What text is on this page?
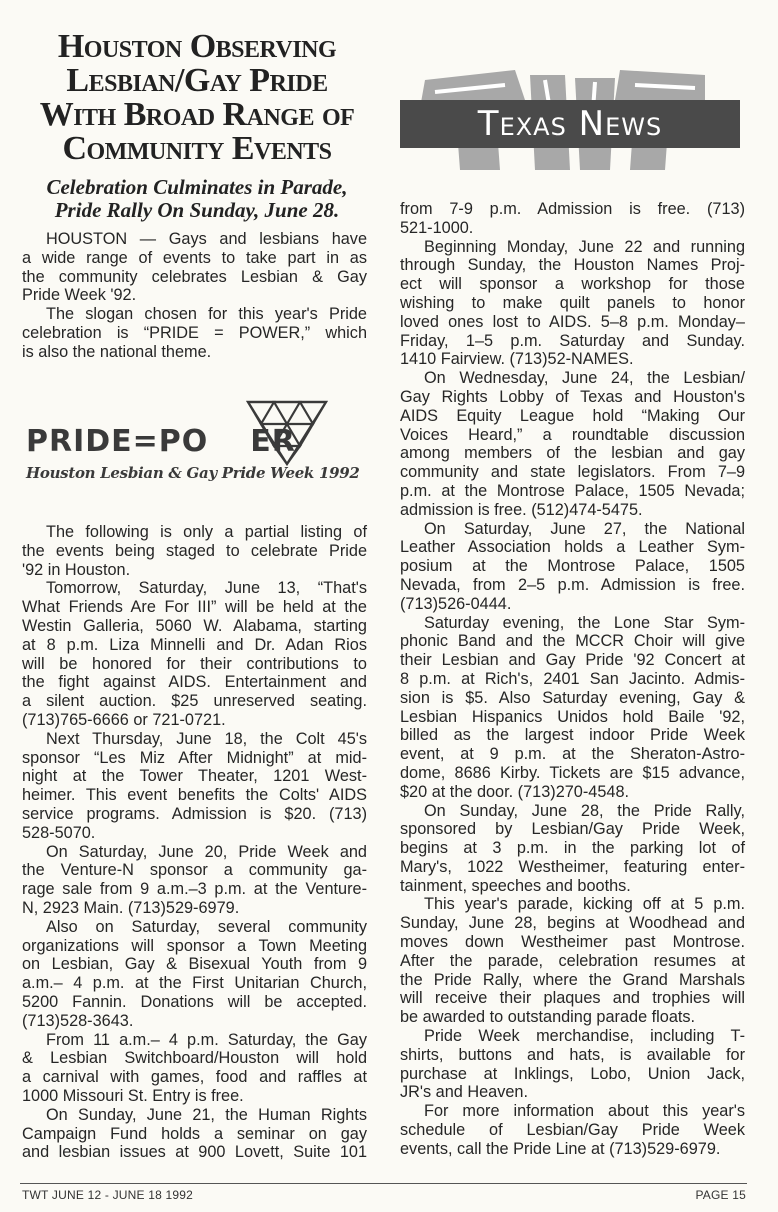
Houston Observing
Lesbian/Gay Pride
With Broad Range of
Community Events
Celebration Culminates in Parade,
Pride Rally On Sunday, June 28.
HOUSTON — Gays and lesbians have
a wide range of events to take part in as
the community celebrates Lesbian & Gay
Pride Week '92.
The slogan chosen for this year's Pride
celebration is “PRIDE = POWER,” which
is also the national theme.
PRIDE=PO ER
Houston Lesbian & Gay Pride Week 1992
The following is only a partial listing of
the events being staged to celebrate Pride
'92 in Houston.
Tomorrow, Saturday, June 13, “That's
What Friends Are For III” will be held at the
Westin Galleria, 5060 W. Alabama, starting
at 8 p.m. Liza Minnelli and Dr. Adan Rios
will be honored for their contributions to
the fight against AIDS. Entertainment and
a silent auction. $25 unreserved seating.
(713)765-6666 or 721-0721.
Next Thursday, June 18, the Colt 45's
sponsor “Les Miz After Midnight” at mid-
night at the Tower Theater, 1201 West-
heimer. This event benefits the Colts' AIDS
service programs. Admission is $20. (713)
528-5070.
On Saturday, June 20, Pride Week and
the Venture-N sponsor a community ga-
rage sale from 9 a.m.–3 p.m. at the Venture-
N, 2923 Main. (713)529-6979.
Also on Saturday, several community
organizations will sponsor a Town Meeting
on Lesbian, Gay & Bisexual Youth from 9
a.m.– 4 p.m. at the First Unitarian Church,
5200 Fannin. Donations will be accepted.
(713)528-3643.
From 11 a.m.– 4 p.m. Saturday, the Gay
& Lesbian Switchboard/Houston will hold
a carnival with games, food and raffles at
1000 Missouri St. Entry is free.
On Sunday, June 21, the Human Rights
Campaign Fund holds a seminar on gay
and lesbian issues at 900 Lovett, Suite 101
Texas News
from 7-9 p.m. Admission is free. (713)
521-1000.
Beginning Monday, June 22 and running
through Sunday, the Houston Names Proj-
ect will sponsor a workshop for those
wishing to make quilt panels to honor
loved ones lost to AIDS. 5–8 p.m. Monday–
Friday, 1–5 p.m. Saturday and Sunday.
1410 Fairview. (713)52-NAMES.
On Wednesday, June 24, the Lesbian/
Gay Rights Lobby of Texas and Houston's
AIDS Equity League hold “Making Our
Voices Heard,” a roundtable discussion
among members of the lesbian and gay
community and state legislators. From 7–9
p.m. at the Montrose Palace, 1505 Nevada;
admission is free. (512)474-5475.
On Saturday, June 27, the National
Leather Association holds a Leather Sym-
posium at the Montrose Palace, 1505
Nevada, from 2–5 p.m. Admission is free.
(713)526-0444.
Saturday evening, the Lone Star Sym-
phonic Band and the MCCR Choir will give
their Lesbian and Gay Pride '92 Concert at
8 p.m. at Rich's, 2401 San Jacinto. Admis-
sion is $5. Also Saturday evening, Gay &
Lesbian Hispanics Unidos hold Baile '92,
billed as the largest indoor Pride Week
event, at 9 p.m. at the Sheraton-Astro-
dome, 8686 Kirby. Tickets are $15 advance,
$20 at the door. (713)270-4548.
On Sunday, June 28, the Pride Rally,
sponsored by Lesbian/Gay Pride Week,
begins at 3 p.m. in the parking lot of
Mary's, 1022 Westheimer, featuring enter-
tainment, speeches and booths.
This year's parade, kicking off at 5 p.m.
Sunday, June 28, begins at Woodhead and
moves down Westheimer past Montrose.
After the parade, celebration resumes at
the Pride Rally, where the Grand Marshals
will receive their plaques and trophies will
be awarded to outstanding parade floats.
Pride Week merchandise, including T-
shirts, buttons and hats, is available for
purchase at Inklings, Lobo, Union Jack,
JR's and Heaven.
For more information about this year's
schedule of Lesbian/Gay Pride Week
events, call the Pride Line at (713)529-6979.
TWT JUNE 12 - JUNE 18 1992	PAGE 15
